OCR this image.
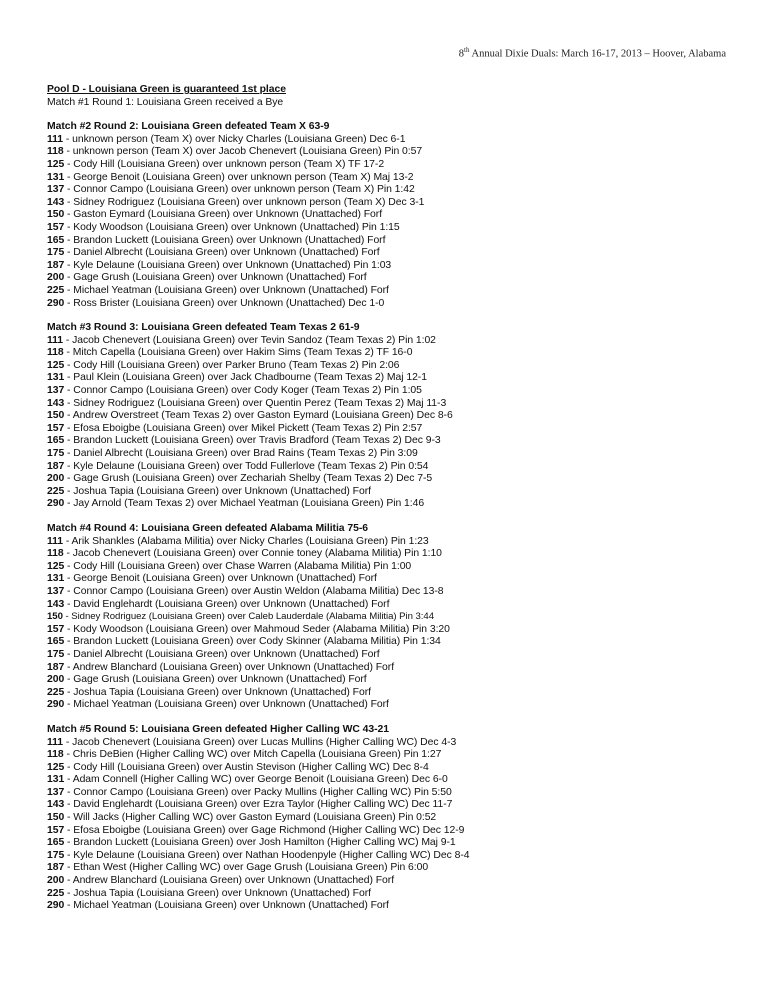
8th Annual Dixie Duals: March 16-17, 2013 – Hoover, Alabama
Pool D - Louisiana Green is guaranteed 1st place
Match #1 Round 1: Louisiana Green received a Bye
Match #2 Round 2: Louisiana Green defeated Team X 63-9
111 - unknown person (Team X) over Nicky Charles (Louisiana Green) Dec 6-1
118 - unknown person (Team X) over Jacob Chenevert (Louisiana Green) Pin 0:57
125 - Cody Hill (Louisiana Green) over unknown person (Team X) TF 17-2
131 - George Benoit (Louisiana Green) over unknown person (Team X) Maj 13-2
137 - Connor Campo (Louisiana Green) over unknown person (Team X) Pin 1:42
143 - Sidney Rodriguez (Louisiana Green) over unknown person (Team X) Dec 3-1
150 - Gaston Eymard (Louisiana Green) over Unknown (Unattached) Forf
157 - Kody Woodson (Louisiana Green) over Unknown (Unattached) Pin 1:15
165 - Brandon Luckett (Louisiana Green) over Unknown (Unattached) Forf
175 - Daniel Albrecht (Louisiana Green) over Unknown (Unattached) Forf
187 - Kyle Delaune (Louisiana Green) over Unknown (Unattached) Pin 1:03
200 - Gage Grush (Louisiana Green) over Unknown (Unattached) Forf
225 - Michael Yeatman (Louisiana Green) over Unknown (Unattached) Forf
290 - Ross Brister (Louisiana Green) over Unknown (Unattached) Dec 1-0
Match #3 Round 3: Louisiana Green defeated Team Texas 2 61-9
111 - Jacob Chenevert (Louisiana Green) over Tevin Sandoz (Team Texas 2) Pin 1:02
118 - Mitch Capella (Louisiana Green) over Hakim Sims (Team Texas 2) TF 16-0
125 - Cody Hill (Louisiana Green) over Parker Bruno (Team Texas 2) Pin 2:06
131 - Paul Klein (Louisiana Green) over Jack Chadbourne (Team Texas 2) Maj 12-1
137 - Connor Campo (Louisiana Green) over Cody Koger (Team Texas 2) Pin 1:05
143 - Sidney Rodriguez (Louisiana Green) over Quentin Perez (Team Texas 2) Maj 11-3
150 - Andrew Overstreet (Team Texas 2) over Gaston Eymard (Louisiana Green) Dec 8-6
157 - Efosa Eboigbe (Louisiana Green) over Mikel Pickett (Team Texas 2) Pin 2:57
165 - Brandon Luckett (Louisiana Green) over Travis Bradford (Team Texas 2) Dec 9-3
175 - Daniel Albrecht (Louisiana Green) over Brad Rains (Team Texas 2) Pin 3:09
187 - Kyle Delaune (Louisiana Green) over Todd Fullerlove (Team Texas 2) Pin 0:54
200 - Gage Grush (Louisiana Green) over Zechariah Shelby (Team Texas 2) Dec 7-5
225 - Joshua Tapia (Louisiana Green) over Unknown (Unattached) Forf
290 - Jay Arnold (Team Texas 2) over Michael Yeatman (Louisiana Green) Pin 1:46
Match #4 Round 4: Louisiana Green defeated Alabama Militia 75-6
111 - Arik Shankles (Alabama Militia) over Nicky Charles (Louisiana Green) Pin 1:23
118 - Jacob Chenevert (Louisiana Green) over Connie toney (Alabama Militia) Pin 1:10
125 - Cody Hill (Louisiana Green) over Chase Warren (Alabama Militia) Pin 1:00
131 - George Benoit (Louisiana Green) over Unknown (Unattached) Forf
137 - Connor Campo (Louisiana Green) over Austin Weldon (Alabama Militia) Dec 13-8
143 - David Englehardt (Louisiana Green) over Unknown (Unattached) Forf
150 - Sidney Rodriguez (Louisiana Green) over Caleb Lauderdale (Alabama Militia) Pin 3:44
157 - Kody Woodson (Louisiana Green) over Mahmoud Seder (Alabama Militia) Pin 3:20
165 - Brandon Luckett (Louisiana Green) over Cody Skinner (Alabama Militia) Pin 1:34
175 - Daniel Albrecht (Louisiana Green) over Unknown (Unattached) Forf
187 - Andrew Blanchard (Louisiana Green) over Unknown (Unattached) Forf
200 - Gage Grush (Louisiana Green) over Unknown (Unattached) Forf
225 - Joshua Tapia (Louisiana Green) over Unknown (Unattached) Forf
290 - Michael Yeatman (Louisiana Green) over Unknown (Unattached) Forf
Match #5 Round 5: Louisiana Green defeated Higher Calling WC 43-21
111 - Jacob Chenevert (Louisiana Green) over Lucas Mullins (Higher Calling WC) Dec 4-3
118 - Chris DeBien (Higher Calling WC) over Mitch Capella (Louisiana Green) Pin 1:27
125 - Cody Hill (Louisiana Green) over Austin Stevison (Higher Calling WC) Dec 8-4
131 - Adam Connell (Higher Calling WC) over George Benoit (Louisiana Green) Dec 6-0
137 - Connor Campo (Louisiana Green) over Packy Mullins (Higher Calling WC) Pin 5:50
143 - David Englehardt (Louisiana Green) over Ezra Taylor (Higher Calling WC) Dec 11-7
150 - Will Jacks (Higher Calling WC) over Gaston Eymard (Louisiana Green) Pin 0:52
157 - Efosa Eboigbe (Louisiana Green) over Gage Richmond (Higher Calling WC) Dec 12-9
165 - Brandon Luckett (Louisiana Green) over Josh Hamilton (Higher Calling WC) Maj 9-1
175 - Kyle Delaune (Louisiana Green) over Nathan Hoodenpyle (Higher Calling WC) Dec 8-4
187 - Ethan West (Higher Calling WC) over Gage Grush (Louisiana Green) Pin 6:00
200 - Andrew Blanchard (Louisiana Green) over Unknown (Unattached) Forf
225 - Joshua Tapia (Louisiana Green) over Unknown (Unattached) Forf
290 - Michael Yeatman (Louisiana Green) over Unknown (Unattached) Forf
